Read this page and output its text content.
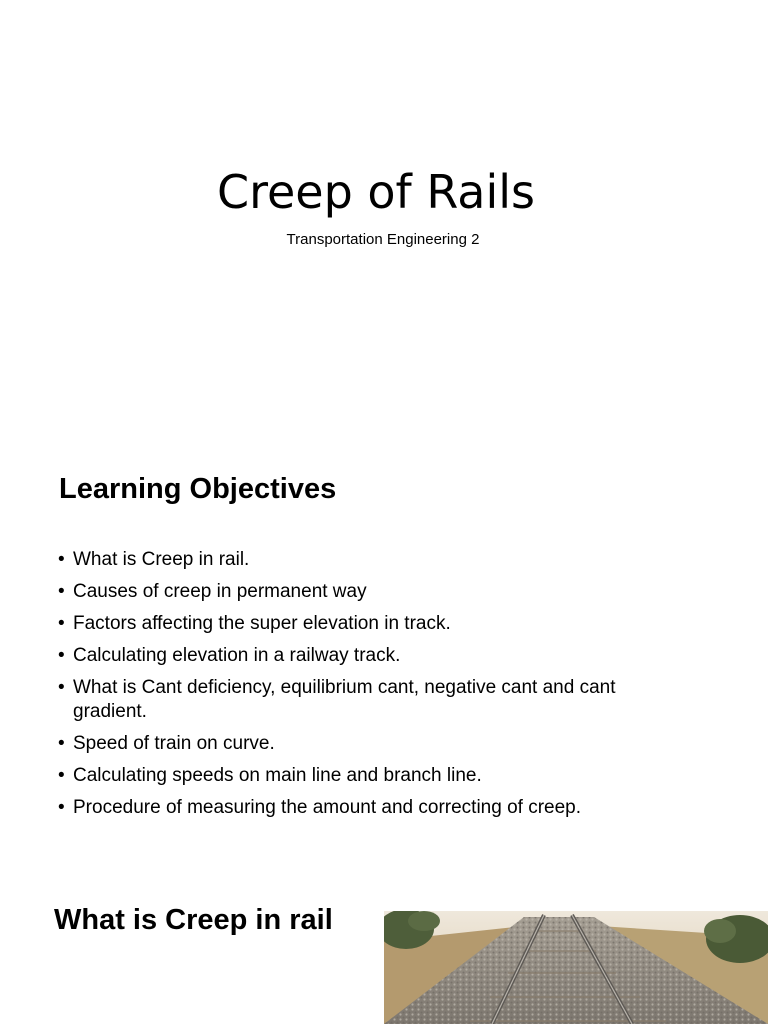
Creep of Rails

Transportation Engineering 2

Learning Objectives
• What is Creep in rail.
• Causes of creep in permanent way
• Factors affecting the super elevation in track.
• Calculating elevation in a railway track.
• What is Cant deficiency, equilibrium cant, negative cant and cant gradient.
• Speed of train on curve.
• Calculating speeds on main line and branch line.
• Procedure of measuring the amount and correcting of creep.
What is Creep in rail
